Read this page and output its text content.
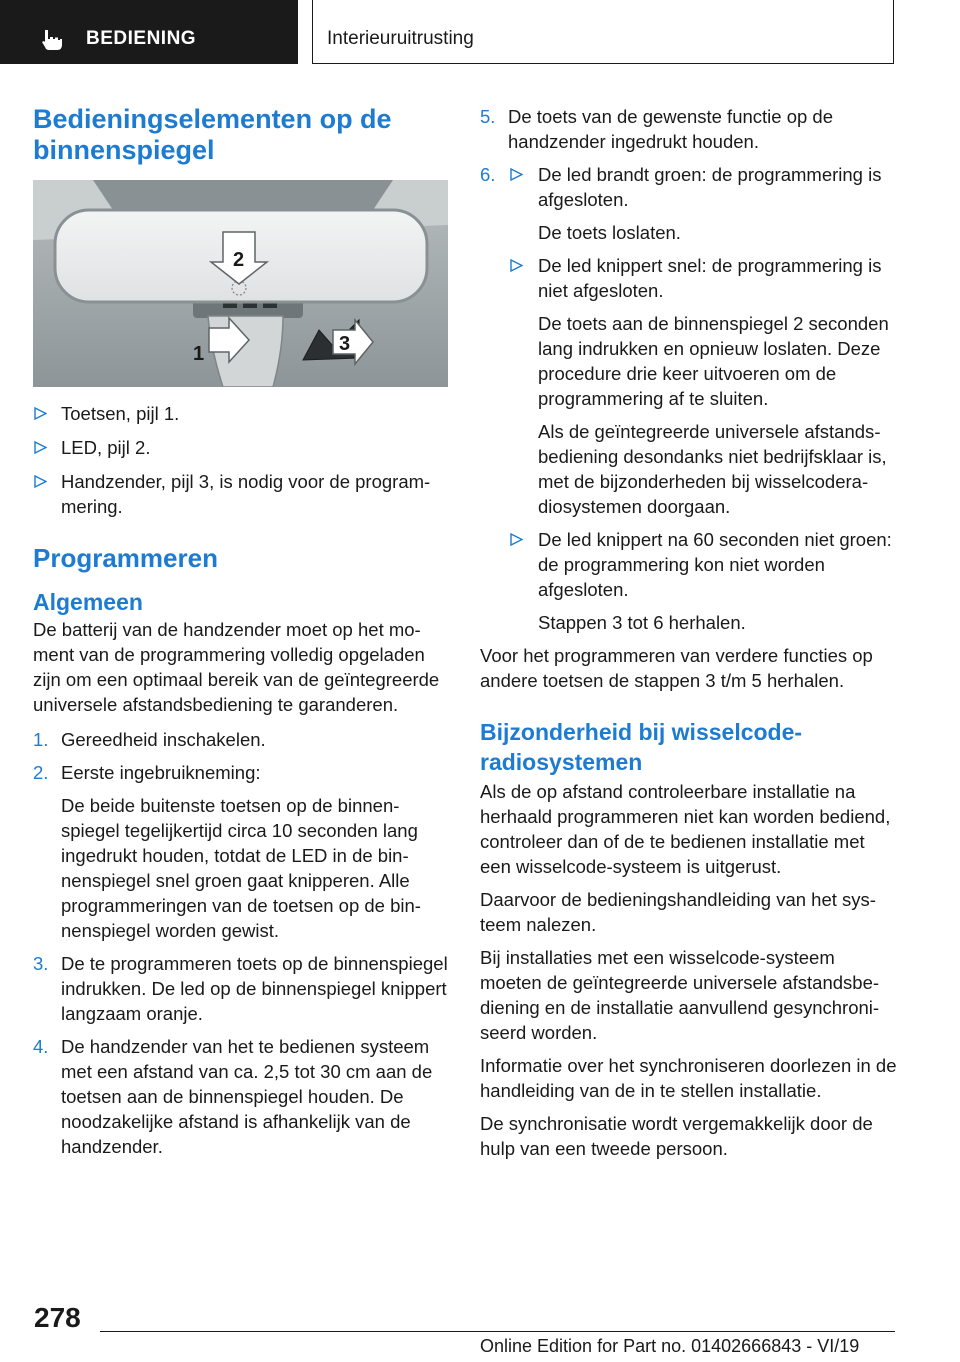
BEDIENING	Interieuruitrusting
Bedieningselementen op de binnenspiegel
2
1	3
Toetsen, pijl 1.
LED, pijl 2.
Handzender, pijl 3, is nodig voor de programmering.
Programmeren
Algemeen

De batterij van de handzender moet op het moment van de programmering volledig opgeladen zijn om een optimaal bereik van de geïntegreerde universele afstandsbediening te garanderen.

1. Gereedheid inschakelen.
2. Eerste ingebruikneming:
De beide buitenste toetsen op de binnenspiegel tegelijkertijd circa 10 seconden lang ingedrukt houden, totdat de LED in de binnenspiegel snel groen gaat knipperen. Alle programmeringen van de toetsen op de binnenspiegel worden gewist.
3. De te programmeren toets op de binnenspiegel indrukken. De led op de binnenspiegel knippert langzaam oranje.
4. De handzender van het te bedienen systeem met een afstand van ca. 2,5 tot 30 cm aan de toetsen aan de binnenspiegel houden. De noodzakelijke afstand is afhankelijk van de handzender.
5. De toets van de gewenste functie op de handzender ingedrukt houden.
6. De led brandt groen: de programmering is afgesloten.
De toets loslaten.
De led knippert snel: de programmering is niet afgesloten.
De toets aan de binnenspiegel 2 seconden lang indrukken en opnieuw loslaten. Deze procedure drie keer uitvoeren om de programmering af te sluiten.
Als de geïntegreerde universele afstandsbediening desondanks niet bedrijfsklaar is, met de bijzonderheden bij wisselcoderadiosystemen doorgaan.
De led knippert na 60 seconden niet groen: de programmering kon niet worden afgesloten.
Stappen 3 tot 6 herhalen.

Voor het programmeren van verdere functies op andere toetsen de stappen 3 t/m 5 herhalen.

Bijzonderheid bij wisselcoderadiosystemen

Als de op afstand controleerbare installatie na herhaald programmeren niet kan worden bediend, controleer dan of de te bedienen installatie met een wisselcode-systeem is uitgerust.

Daarvoor de bedieningshandleiding van het systeem nalezen.

Bij installaties met een wisselcode-systeem moeten de geïntegreerde universele afstandsbediening en de installatie aanvullend gesynchroniseerd worden.

Informatie over het synchroniseren doorlezen in de handleiding van de in te stellen installatie.

De synchronisatie wordt vergemakkelijk door de hulp van een tweede persoon.

278
Online Edition for Part no. 01402666843 - VI/19
